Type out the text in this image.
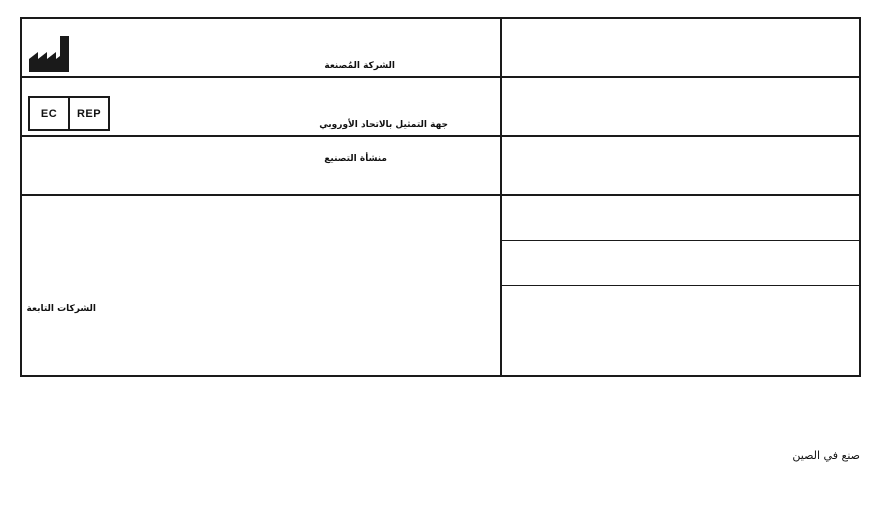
الشركة المُصنعة
EC	REP
جهة التمثيل بالاتحاد الأوروبي
منشأة التصنيع
الشركات التابعة
صنع في الصين
